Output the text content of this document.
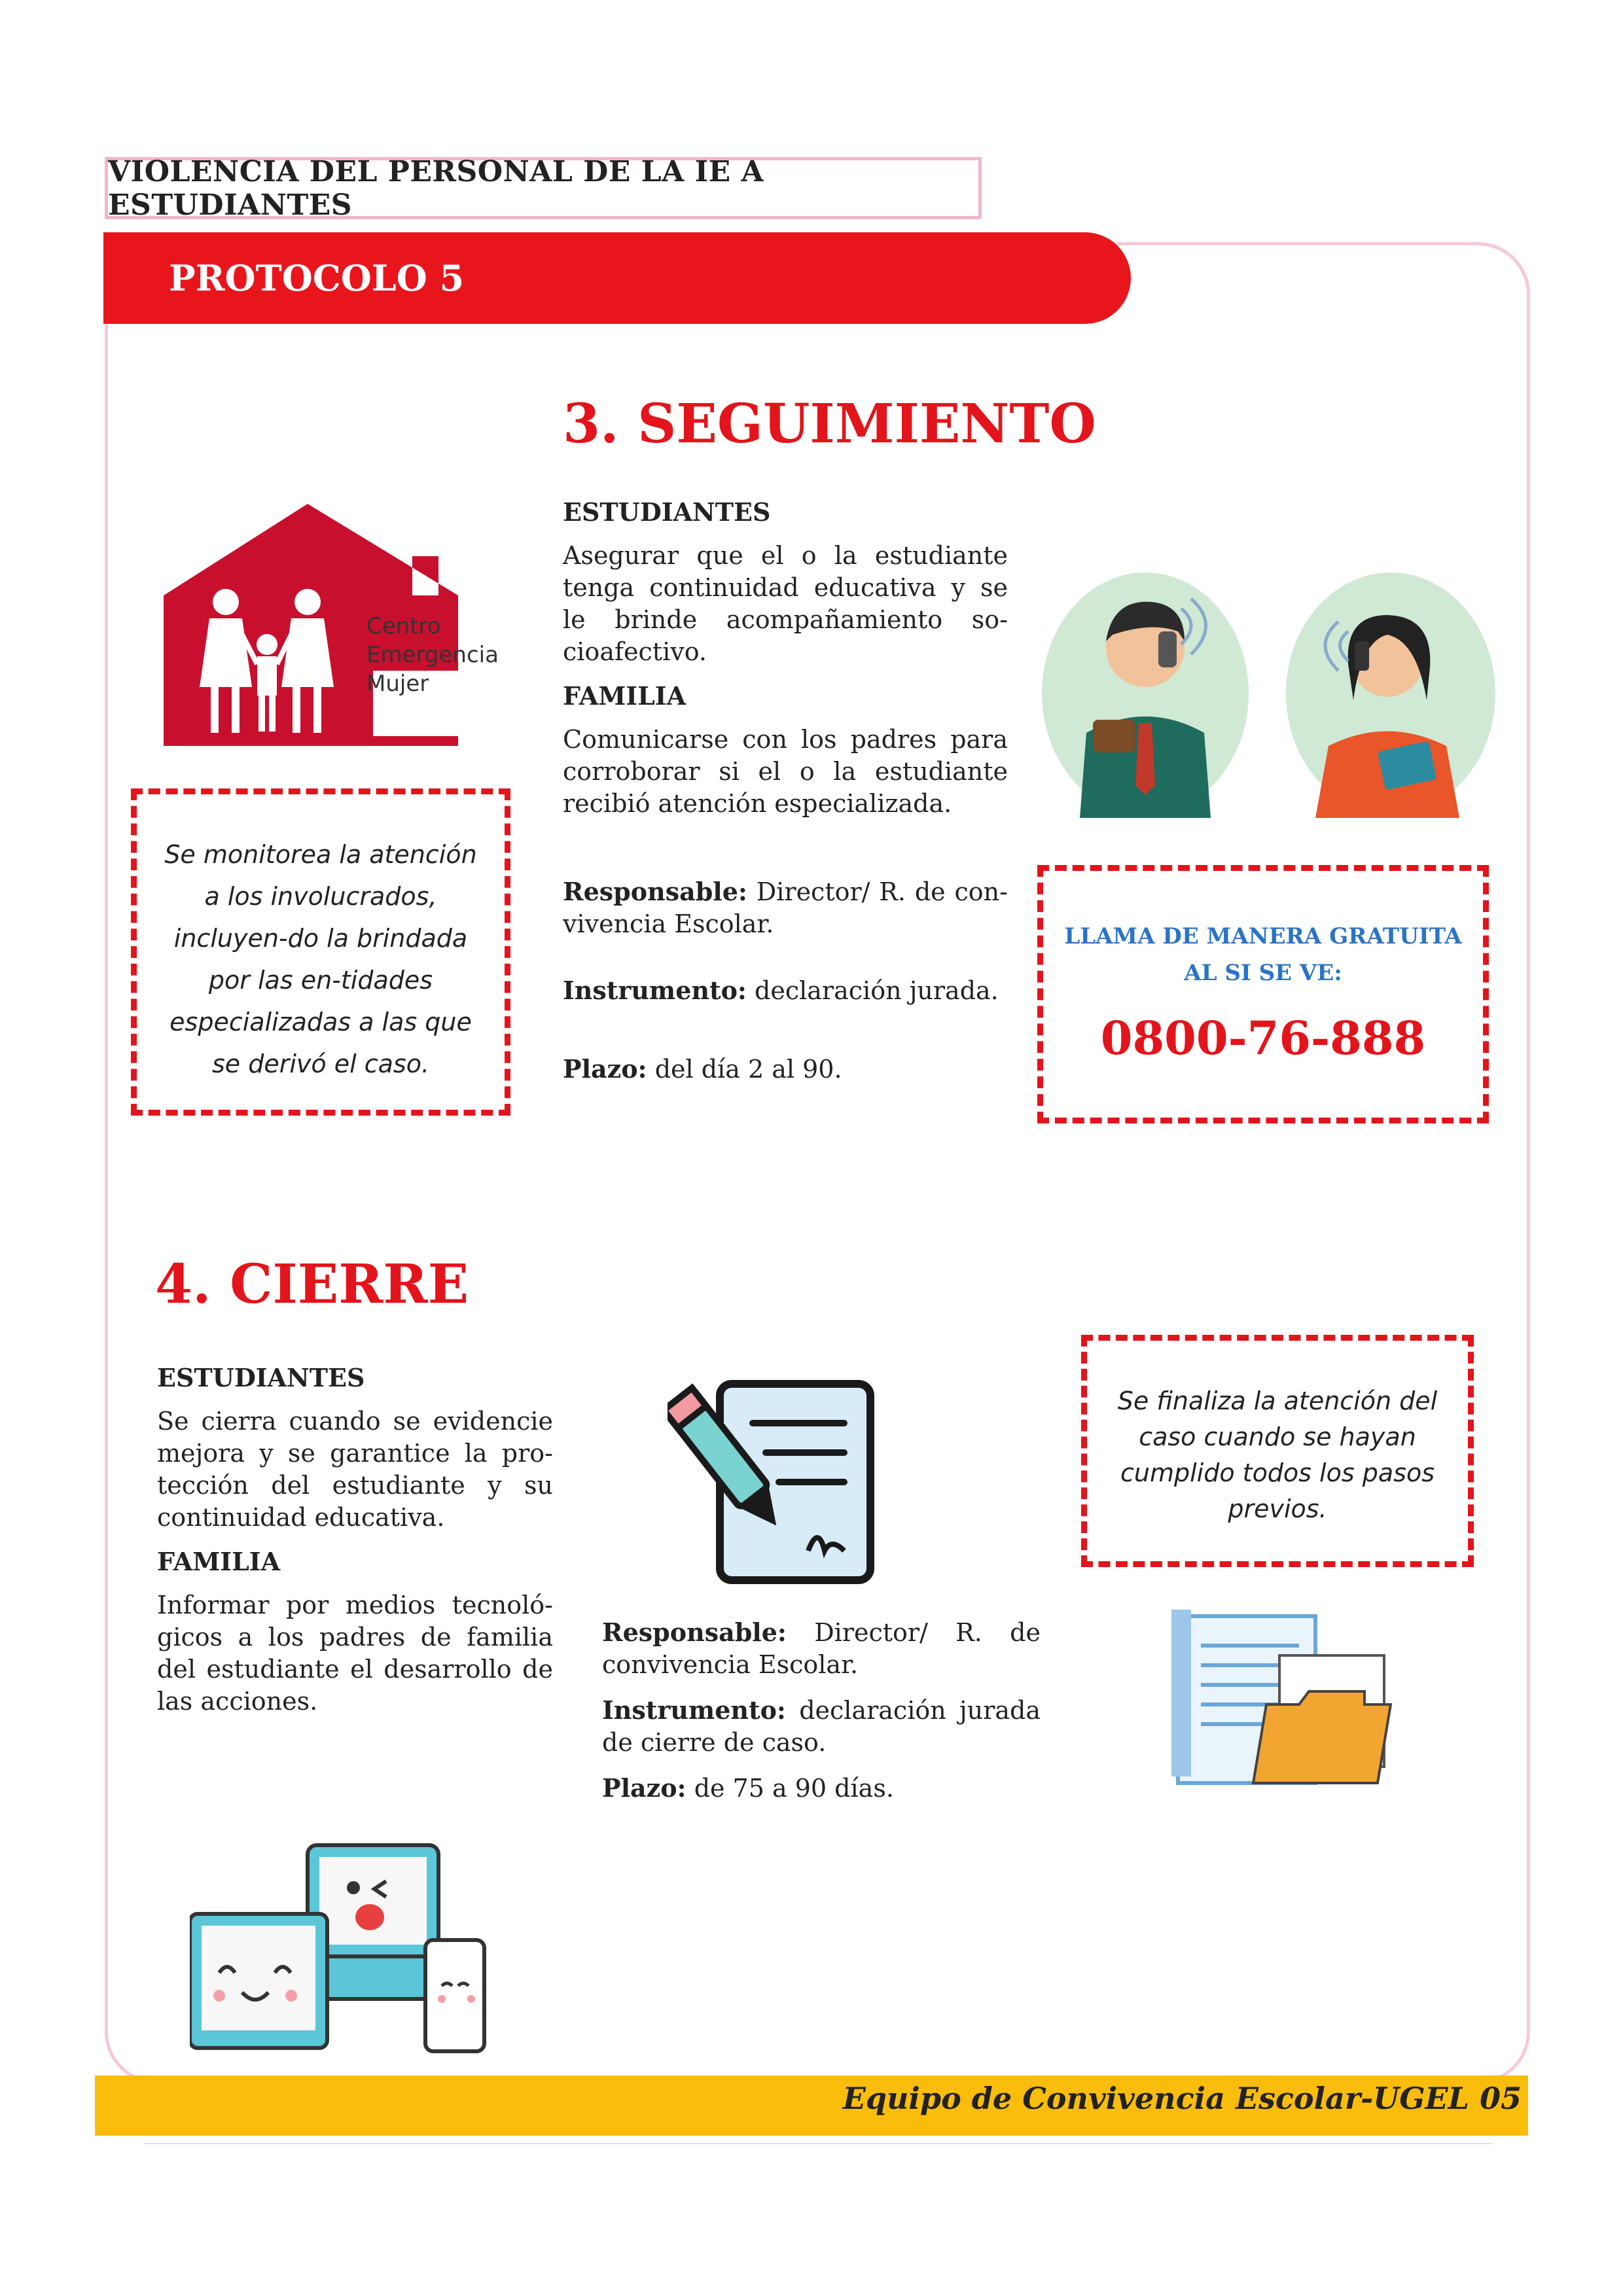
VIOLENCIA DEL PERSONAL DE LA IE A ESTUDIANTES
PROTOCOLO 5
3. SEGUIMIENTO
ESTUDIANTES
Asegurar que el o la estudiante tenga continuidad educativa y se le brinde acompañamiento so-cioafectivo.
FAMILIA
Comunicarse con los padres para corroborar si el o la estudiante recibió atención especializada.
Responsable: Director/ R. de con-vivencia Escolar.
Instrumento: declaración jurada.
Plazo: del día 2 al 90.
Centro
Emergencia
Mujer
Se monitorea la atención a los involucrados, incluyen-do la brindada por las en-tidades especializadas a las que se derivó el caso.
LLAMA DE MANERA GRATUITA
AL SI SE VE:
0800-76-888
4. CIERRE
ESTUDIANTES
Se cierra cuando se evidencie mejora y se garantice la pro-tección del estudiante y su continuidad educativa.
FAMILIA
Informar por medios tecnoló-gicos a los padres de familia del estudiante el desarrollo de las acciones.
Responsable: Director/ R. de convivencia Escolar.
Instrumento: declaración jurada de cierre de caso.
Plazo: de 75 a 90 días.
Se finaliza la atención del caso cuando se hayan cumplido todos los pasos previos.
Equipo de Convivencia Escolar-UGEL 05
